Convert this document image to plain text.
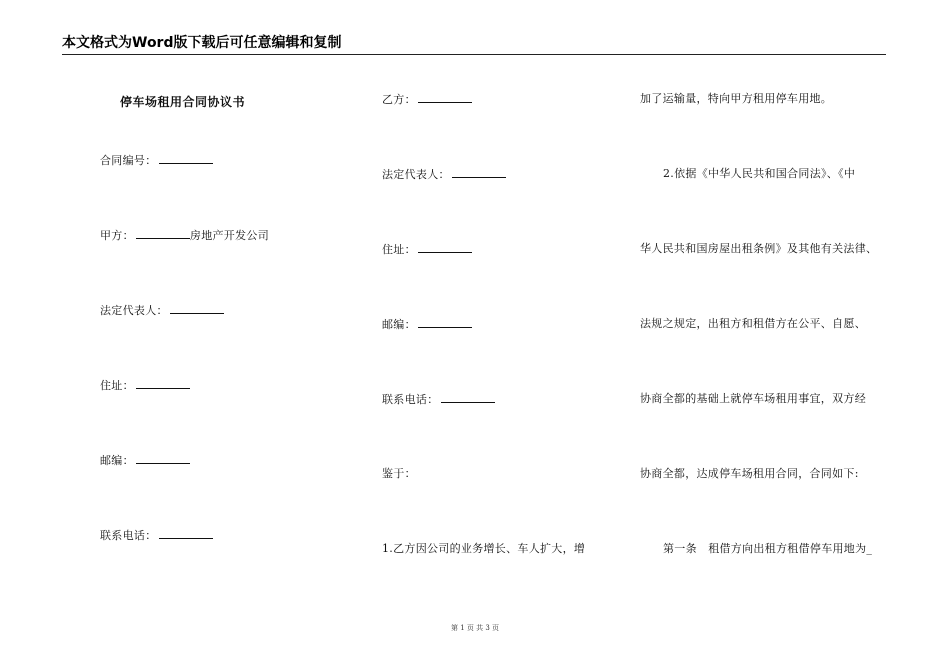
本文格式为Word版下载后可任意编辑和复制
停车场租用合同协议书
合同编号：
甲方：	房地产开发公司
法定代表人：
住址：
邮编：
联系电话：
乙方：
法定代表人：
住址：
邮编：
联系电话：
鉴于：
1.乙方因公司的业务增长、车人扩大，增
加了运输量，特向甲方租用停车用地。
2.依据《中华人民共和国合同法》、《中
华人民共和国房屋出租条例》及其他有关法律、
法规之规定，出租方和租借方在公平、自愿、
协商全都的基础上就停车场租用事宜，双方经
协商全都，达成停车场租用合同，合同如下:
第一条　租借方向出租方租借停车用地为_
第 1 页 共 3 页
